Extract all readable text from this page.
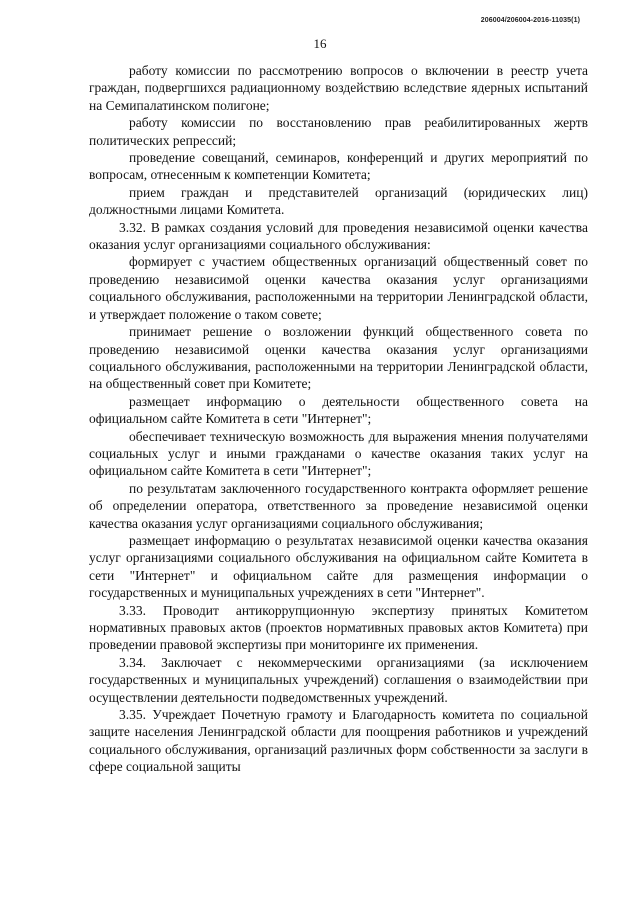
206004/206004-2016-11035(1)
16

работу комиссии по рассмотрению вопросов о включении в реестр учета граждан, подвергшихся радиационному воздействию вследствие ядерных испытаний на Семипалатинском полигоне;

работу комиссии по восстановлению прав реабилитированных жертв политических репрессий;

проведение совещаний, семинаров, конференций и других мероприятий по вопросам, отнесенным к компетенции Комитета;

прием граждан и представителей организаций (юридических лиц) должностными лицами Комитета.

3.32. В рамках создания условий для проведения независимой оценки качества оказания услуг организациями социального обслуживания:

формирует с участием общественных организаций общественный совет по проведению независимой оценки качества оказания услуг организациями социального обслуживания, расположенными на территории Ленинградской области, и утверждает положение о таком совете;

принимает решение о возложении функций общественного совета по проведению независимой оценки качества оказания услуг организациями социального обслуживания, расположенными на территории Ленинградской области, на общественный совет при Комитете;

размещает информацию о деятельности общественного совета на официальном сайте Комитета в сети "Интернет";

обеспечивает техническую возможность для выражения мнения получателями социальных услуг и иными гражданами о качестве оказания таких услуг на официальном сайте Комитета в сети "Интернет";

по результатам заключенного государственного контракта оформляет решение об определении оператора, ответственного за проведение независимой оценки качества оказания услуг организациями социального обслуживания;

размещает информацию о результатах независимой оценки качества оказания услуг организациями социального обслуживания на официальном сайте Комитета в сети "Интернет" и официальном сайте для размещения информации о государственных и муниципальных учреждениях в сети "Интернет".

3.33. Проводит антикоррупционную экспертизу принятых Комитетом нормативных правовых актов (проектов нормативных правовых актов Комитета) при проведении правовой экспертизы при мониторинге их применения.

3.34. Заключает с некоммерческими организациями (за исключением государственных и муниципальных учреждений) соглашения о взаимодействии при осуществлении деятельности подведомственных учреждений.

3.35. Учреждает Почетную грамоту и Благодарность комитета по социальной защите населения Ленинградской области для поощрения работников и учреждений социального обслуживания, организаций различных форм собственности за заслуги в сфере социальной защиты
